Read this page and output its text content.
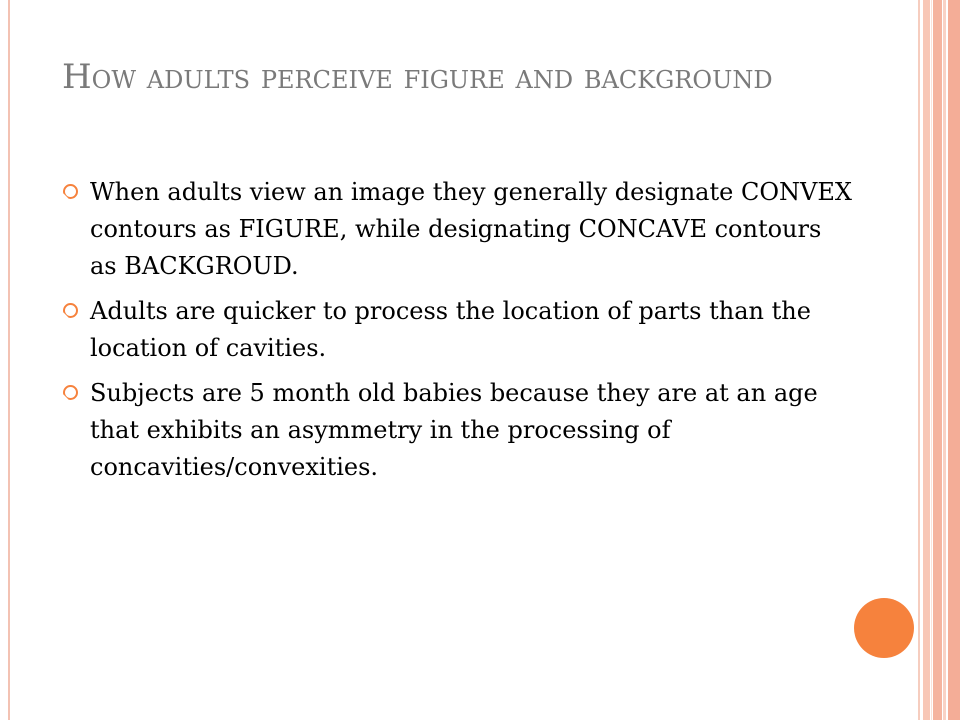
How adults perceive figure and background
When adults view an image they generally designate CONVEX contours as FIGURE, while designating CONCAVE contours as BACKGROUD.
Adults are quicker to process the location of parts than the location of cavities.
Subjects are 5 month old babies because they are at an age that exhibits an asymmetry in the processing of concavities/convexities.
